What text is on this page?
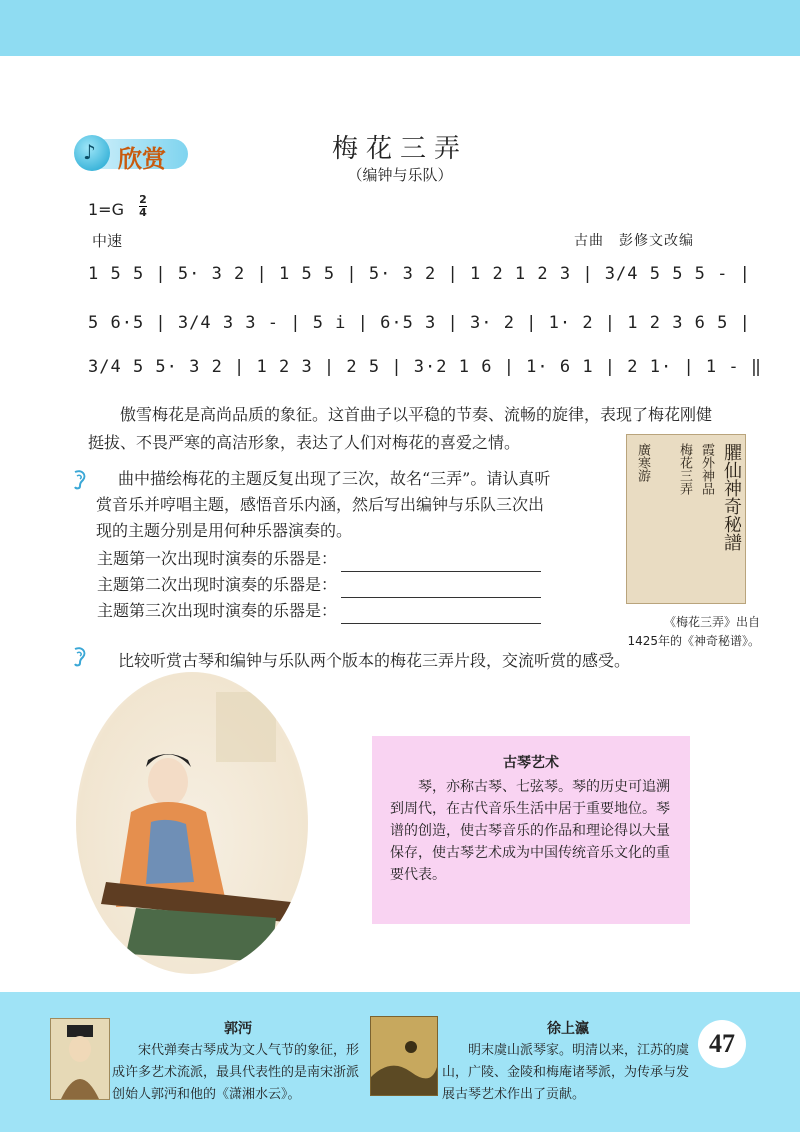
♪ 欣赏	梅花三弄
（编钟与乐队）
1=G
2
4
中速	古曲　彭修文改编
1 5 5 | 5· 3 2 | 1 5 5 | 5· 3 2 | 1 2 1 2 3 | 3/4 5 5 5 - |
5 6·5 | 3/4 3 3 - | 5 i | 6·5 3 | 3· 2 | 1· 2 | 1 2 3 6 5 |
3/4 5 5· 3 2 | 1 2 3 | 2 5 | 3·2 1 6 | 1· 6 1 | 2 1· | 1 - ‖
傲雪梅花是高尚品质的象征。这首曲子以平稳的节奏、流畅的旋律，表现了梅花刚健挺拔、不畏严寒的高洁形象，表达了人们对梅花的喜爱之情。
曲中描绘梅花的主题反复出现了三次，故名“三弄”。请认真听赏音乐并哼唱主题，感悟音乐内涵，然后写出编钟与乐队三次出现的主题分别是用何种乐器演奏的。
主题第一次出现时演奏的乐器是：
主题第二次出现时演奏的乐器是：
主题第三次出现时演奏的乐器是：
比较听赏古琴和编钟与乐队两个版本的梅花三弄片段，交流听赏的感受。
臞仙神奇秘譜
霞外神品
梅花三弄
廣寒游
《梅花三弄》出自
1425年的《神奇秘谱》。
古琴艺术
琴，亦称古琴、七弦琴。琴的历史可追溯到周代，在古代音乐生活中居于重要地位。琴谱的创造，使古琴音乐的作品和理论得以大量保存，使古琴艺术成为中国传统音乐文化的重要代表。
郭沔
宋代弹奏古琴成为文人气节的象征，形成许多艺术流派，最具代表性的是南宋浙派创始人郭沔和他的《潇湘水云》。
徐上瀛
明末虞山派琴家。明清以来，江苏的虞山，广陵、金陵和梅庵诸琴派，为传承与发展古琴艺术作出了贡献。
47
